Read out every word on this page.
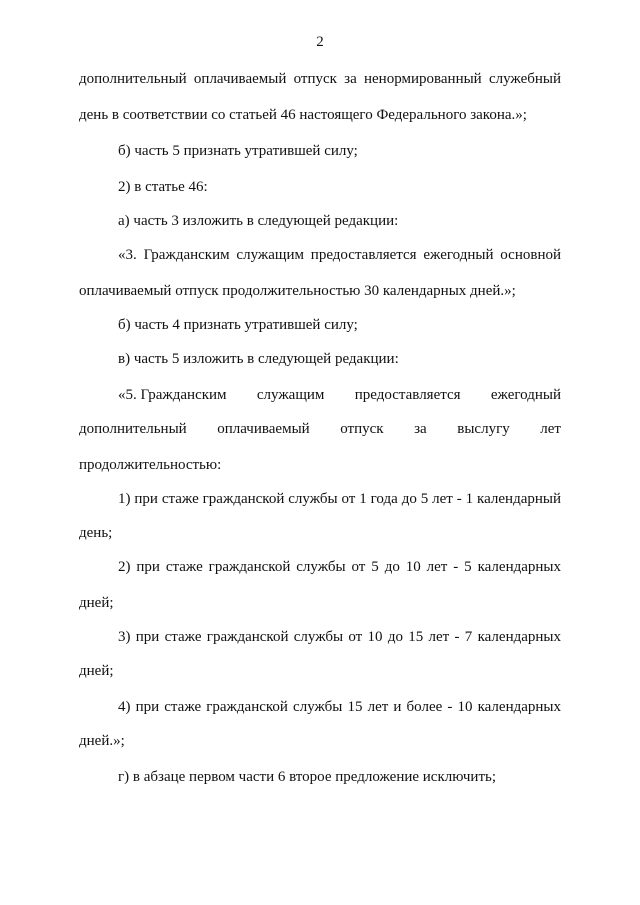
2
дополнительный оплачиваемый отпуск за ненормированный служебный
день в соответствии со статьей 46 настоящего Федерального закона.»;
б) часть 5 признать утратившей силу;
2) в статье 46:
а) часть 3 изложить в следующей редакции:
«3. Гражданским служащим предоставляется ежегодный основной
оплачиваемый отпуск продолжительностью 30 календарных дней.»;
б) часть 4 признать утратившей силу;
в) часть 5 изложить в следующей редакции:
«5. Гражданским служащим предоставляется ежегодный
дополнительный оплачиваемый отпуск за выслугу лет
продолжительностью:
1) при стаже гражданской службы от 1 года до 5 лет - 1 календарный
день;
2) при стаже гражданской службы от 5 до 10 лет - 5 календарных
дней;
3) при стаже гражданской службы от 10 до 15 лет - 7 календарных
дней;
4) при стаже гражданской службы 15 лет и более - 10 календарных
дней.»;
г) в абзаце первом части 6 второе предложение исключить;
